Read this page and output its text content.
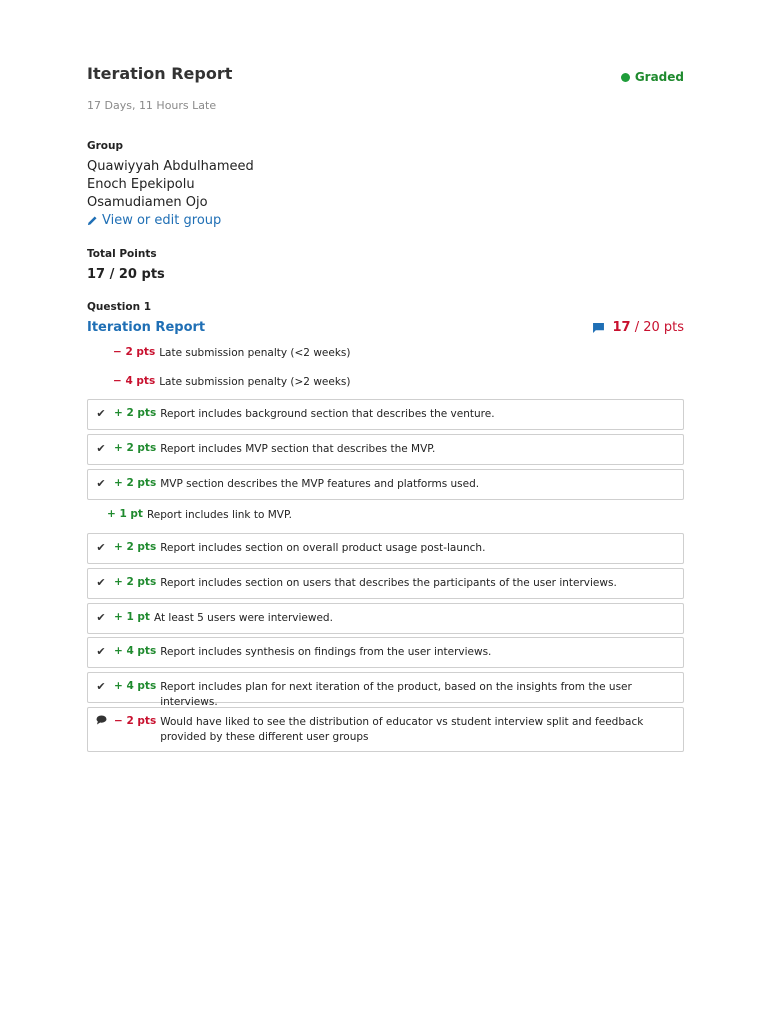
Iteration Report	Graded
17 Days, 11 Hours Late
Group
Quawiyyah Abdulhameed
Enoch Epekipolu
Osamudiamen Ojo
View or edit group
Total Points
17 / 20 pts
Question 1
Iteration Report	17 / 20 pts
− 2 pts Late submission penalty (<2 weeks)
− 4 pts Late submission penalty (>2 weeks)
✔ + 2 pts Report includes background section that describes the venture.
✔ + 2 pts Report includes MVP section that describes the MVP.
✔ + 2 pts MVP section describes the MVP features and platforms used.
+ 1 pt Report includes link to MVP.
✔ + 2 pts Report includes section on overall product usage post-launch.
✔ + 2 pts Report includes section on users that describes the participants of the user interviews.
✔ + 1 pt At least 5 users were interviewed.
✔ + 4 pts Report includes synthesis on findings from the user interviews.
✔ + 4 pts Report includes plan for next iteration of the product, based on the insights from the user interviews.
− 2 pts Would have liked to see the distribution of educator vs student interview split and feedback provided by these different user groups
